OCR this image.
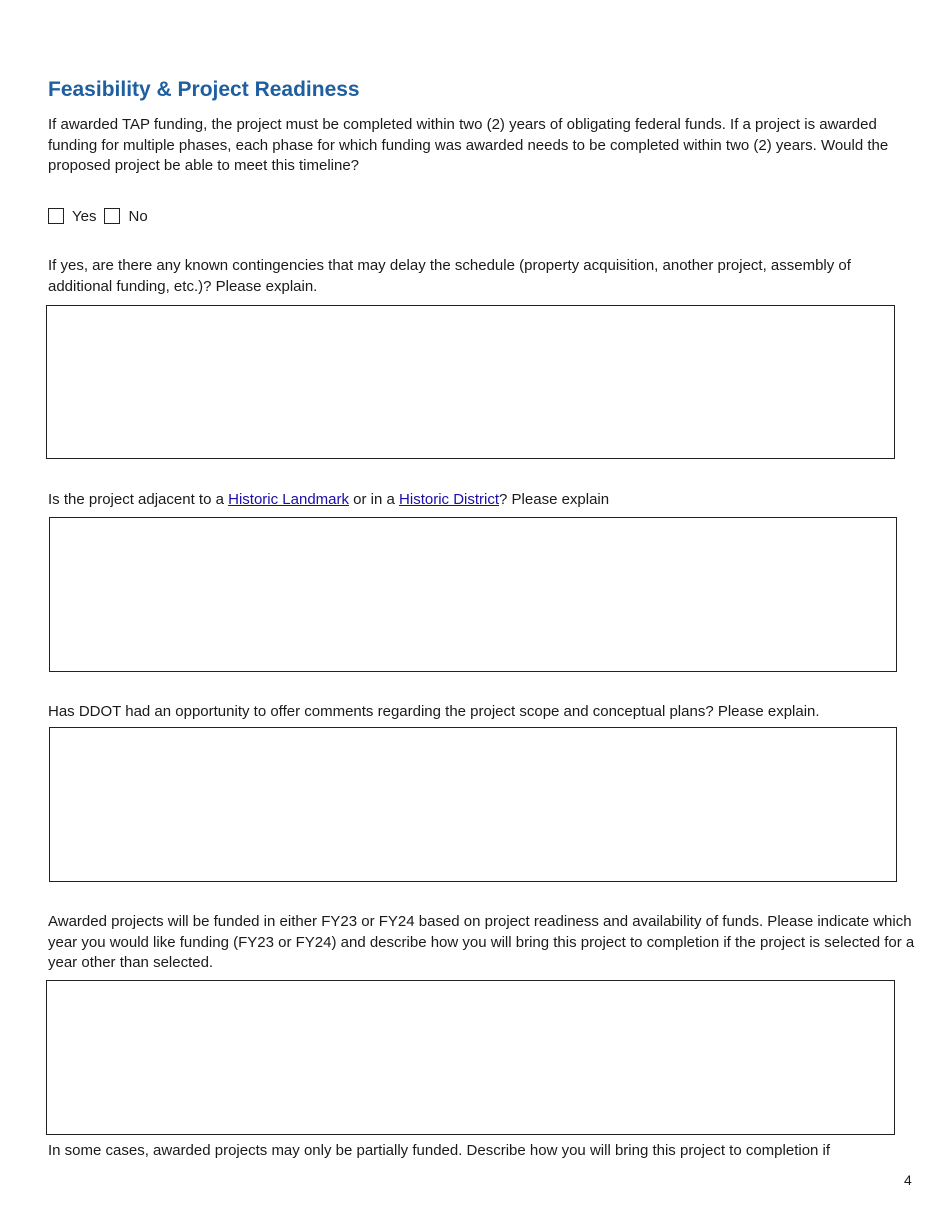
Feasibility & Project Readiness

If awarded TAP funding, the project must be completed within two (2) years of obligating federal funds. If a project is awarded funding for multiple phases, each phase for which funding was awarded needs to be completed within two (2) years. Would the proposed project be able to meet this timeline?

Yes No

If yes, are there any known contingencies that may delay the schedule (property acquisition, another project, assembly of additional funding, etc.)? Please explain.

Is the project adjacent to a Historic Landmark or in a Historic District? Please explain

Has DDOT had an opportunity to offer comments regarding the project scope and conceptual plans? Please explain.

Awarded projects will be funded in either FY23 or FY24 based on project readiness and availability of funds. Please indicate which year you would like funding (FY23 or FY24) and describe how you will bring this project to completion if the project is selected for a year other than selected.

In some cases, awarded projects may only be partially funded. Describe how you will bring this project to completion if

4
